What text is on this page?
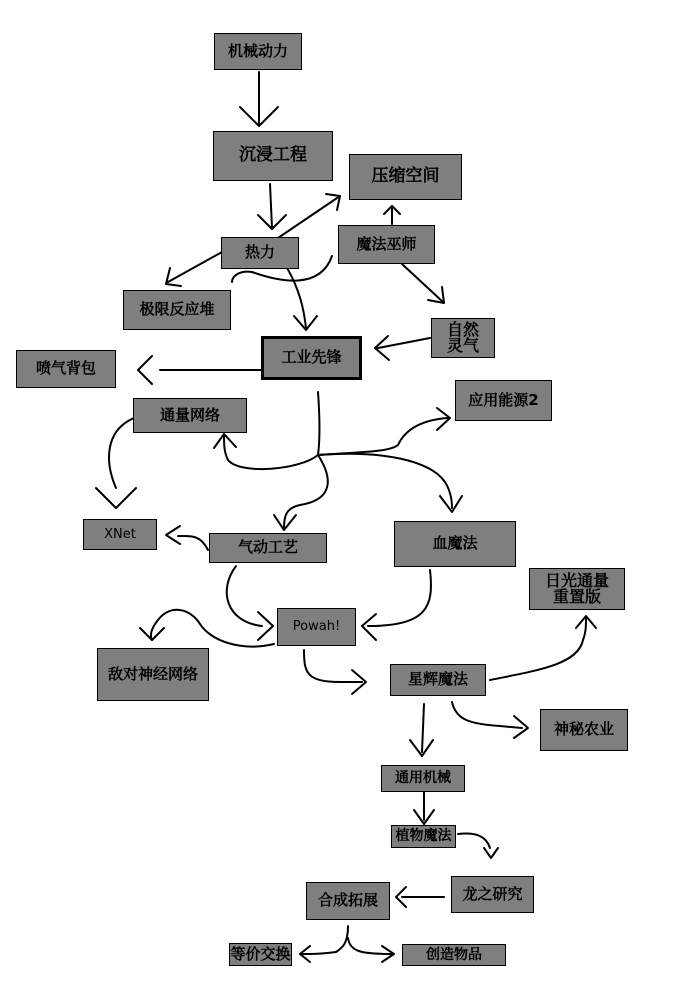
机械动力
沉浸工程
压缩空间
热力	魔法巫师
极限反应堆
自然
灵气
工业先锋
喷气背包
通量网络
应用能源2
XNet
气动工艺	血魔法
日光通量
重置版
Powah!
敌对神经网络	星辉魔法
神秘农业
通用机械
植物魔法
龙之研究
合成拓展
等价交换	创造物品
